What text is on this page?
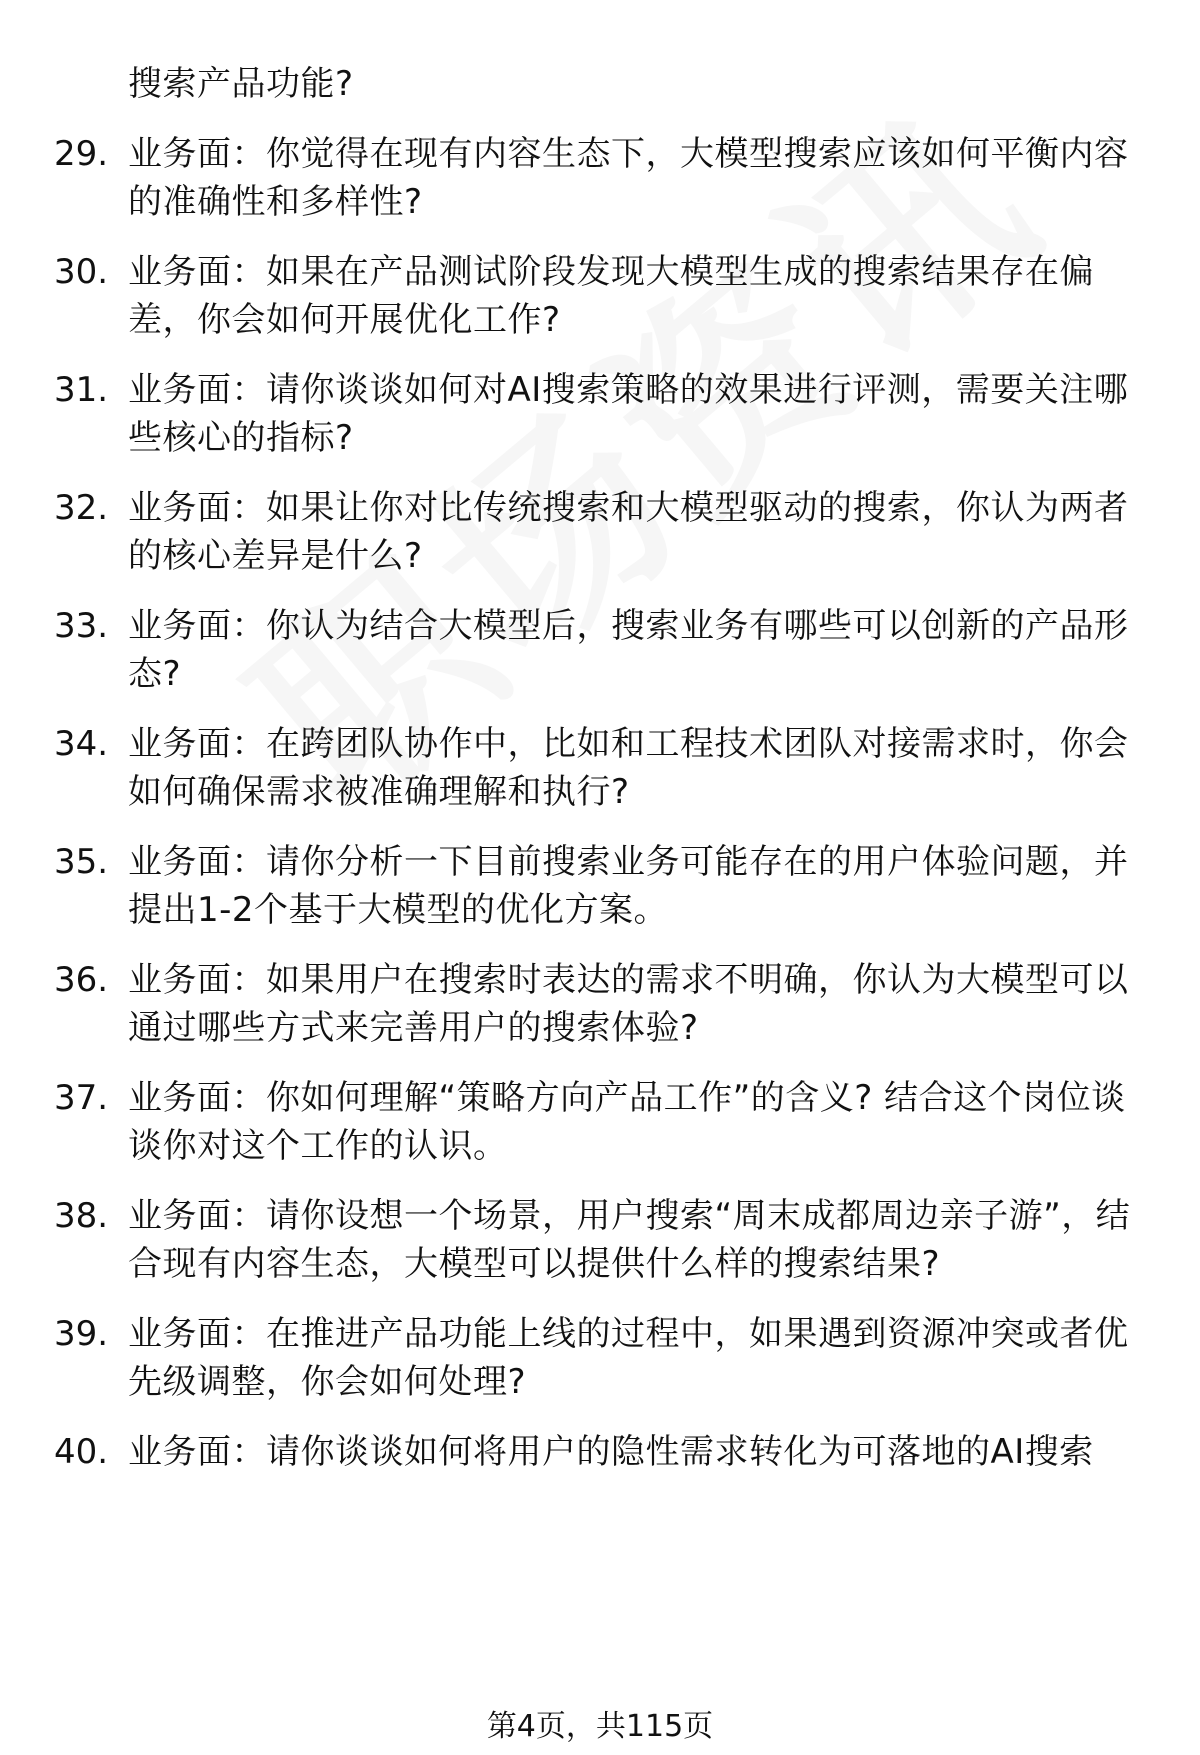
搜索产品功能?
29. 业务面：你觉得在现有内容生态下，大模型搜索应该如何平衡内容的准确性和多样性?
30. 业务面：如果在产品测试阶段发现大模型生成的搜索结果存在偏差，你会如何开展优化工作?
31. 业务面：请你谈谈如何对AI搜索策略的效果进行评测，需要关注哪些核心的指标?
32. 业务面：如果让你对比传统搜索和大模型驱动的搜索，你认为两者的核心差异是什么?
33. 业务面：你认为结合大模型后，搜索业务有哪些可以创新的产品形态?
34. 业务面：在跨团队协作中，比如和工程技术团队对接需求时，你会如何确保需求被准确理解和执行?
35. 业务面：请你分析一下目前搜索业务可能存在的用户体验问题，并提出1-2个基于大模型的优化方案。
36. 业务面：如果用户在搜索时表达的需求不明确，你认为大模型可以通过哪些方式来完善用户的搜索体验?
37. 业务面：你如何理解“策略方向产品工作”的含义? 结合这个岗位谈谈你对这个工作的认识。
38. 业务面：请你设想一个场景，用户搜索“周末成都周边亲子游”，结合现有内容生态，大模型可以提供什么样的搜索结果?
39. 业务面：在推进产品功能上线的过程中，如果遇到资源冲突或者优先级调整，你会如何处理?
40. 业务面：请你谈谈如何将用户的隐性需求转化为可落地的AI搜索
第4页，共115页
